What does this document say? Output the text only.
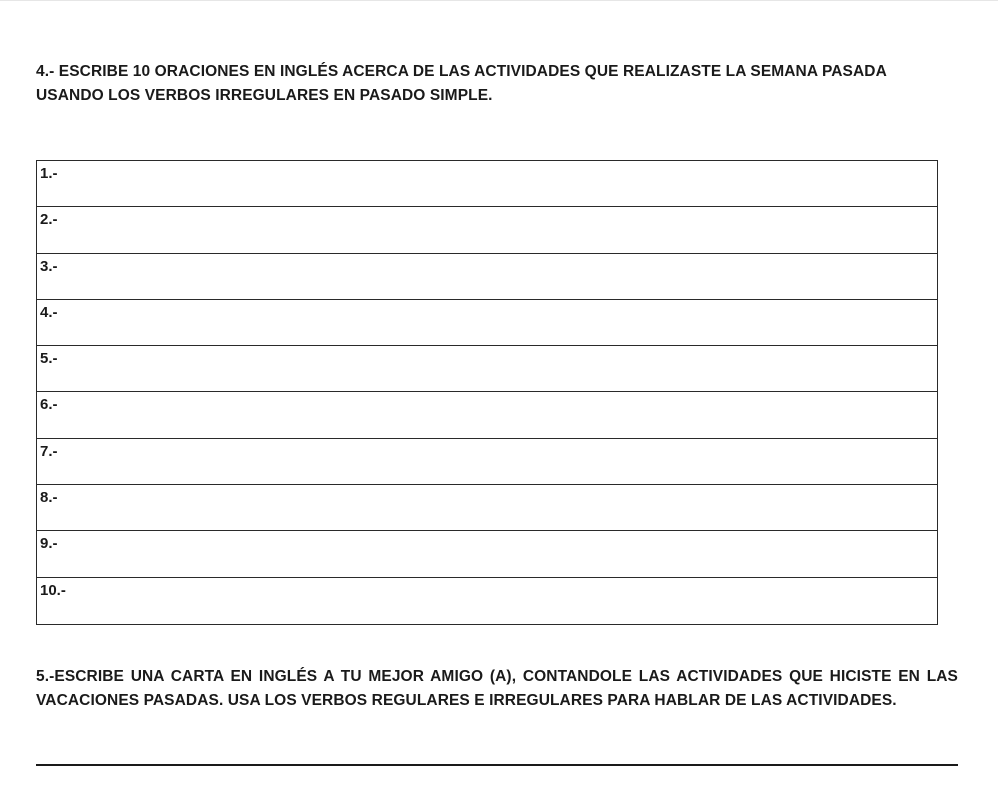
4.- ESCRIBE 10 ORACIONES EN INGLÉS ACERCA DE LAS ACTIVIDADES QUE REALIZASTE LA SEMANA PASADA USANDO LOS VERBOS IRREGULARES EN PASADO SIMPLE.

1.-
2.-
3.-
4.-
5.-
6.-
7.-
8.-
9.-
10.-

5.-ESCRIBE UNA CARTA EN INGLÉS A TU MEJOR AMIGO (A), CONTANDOLE LAS ACTIVIDADES QUE HICISTE EN LAS VACACIONES PASADAS. USA LOS VERBOS REGULARES E IRREGULARES PARA HABLAR DE LAS ACTIVIDADES.
